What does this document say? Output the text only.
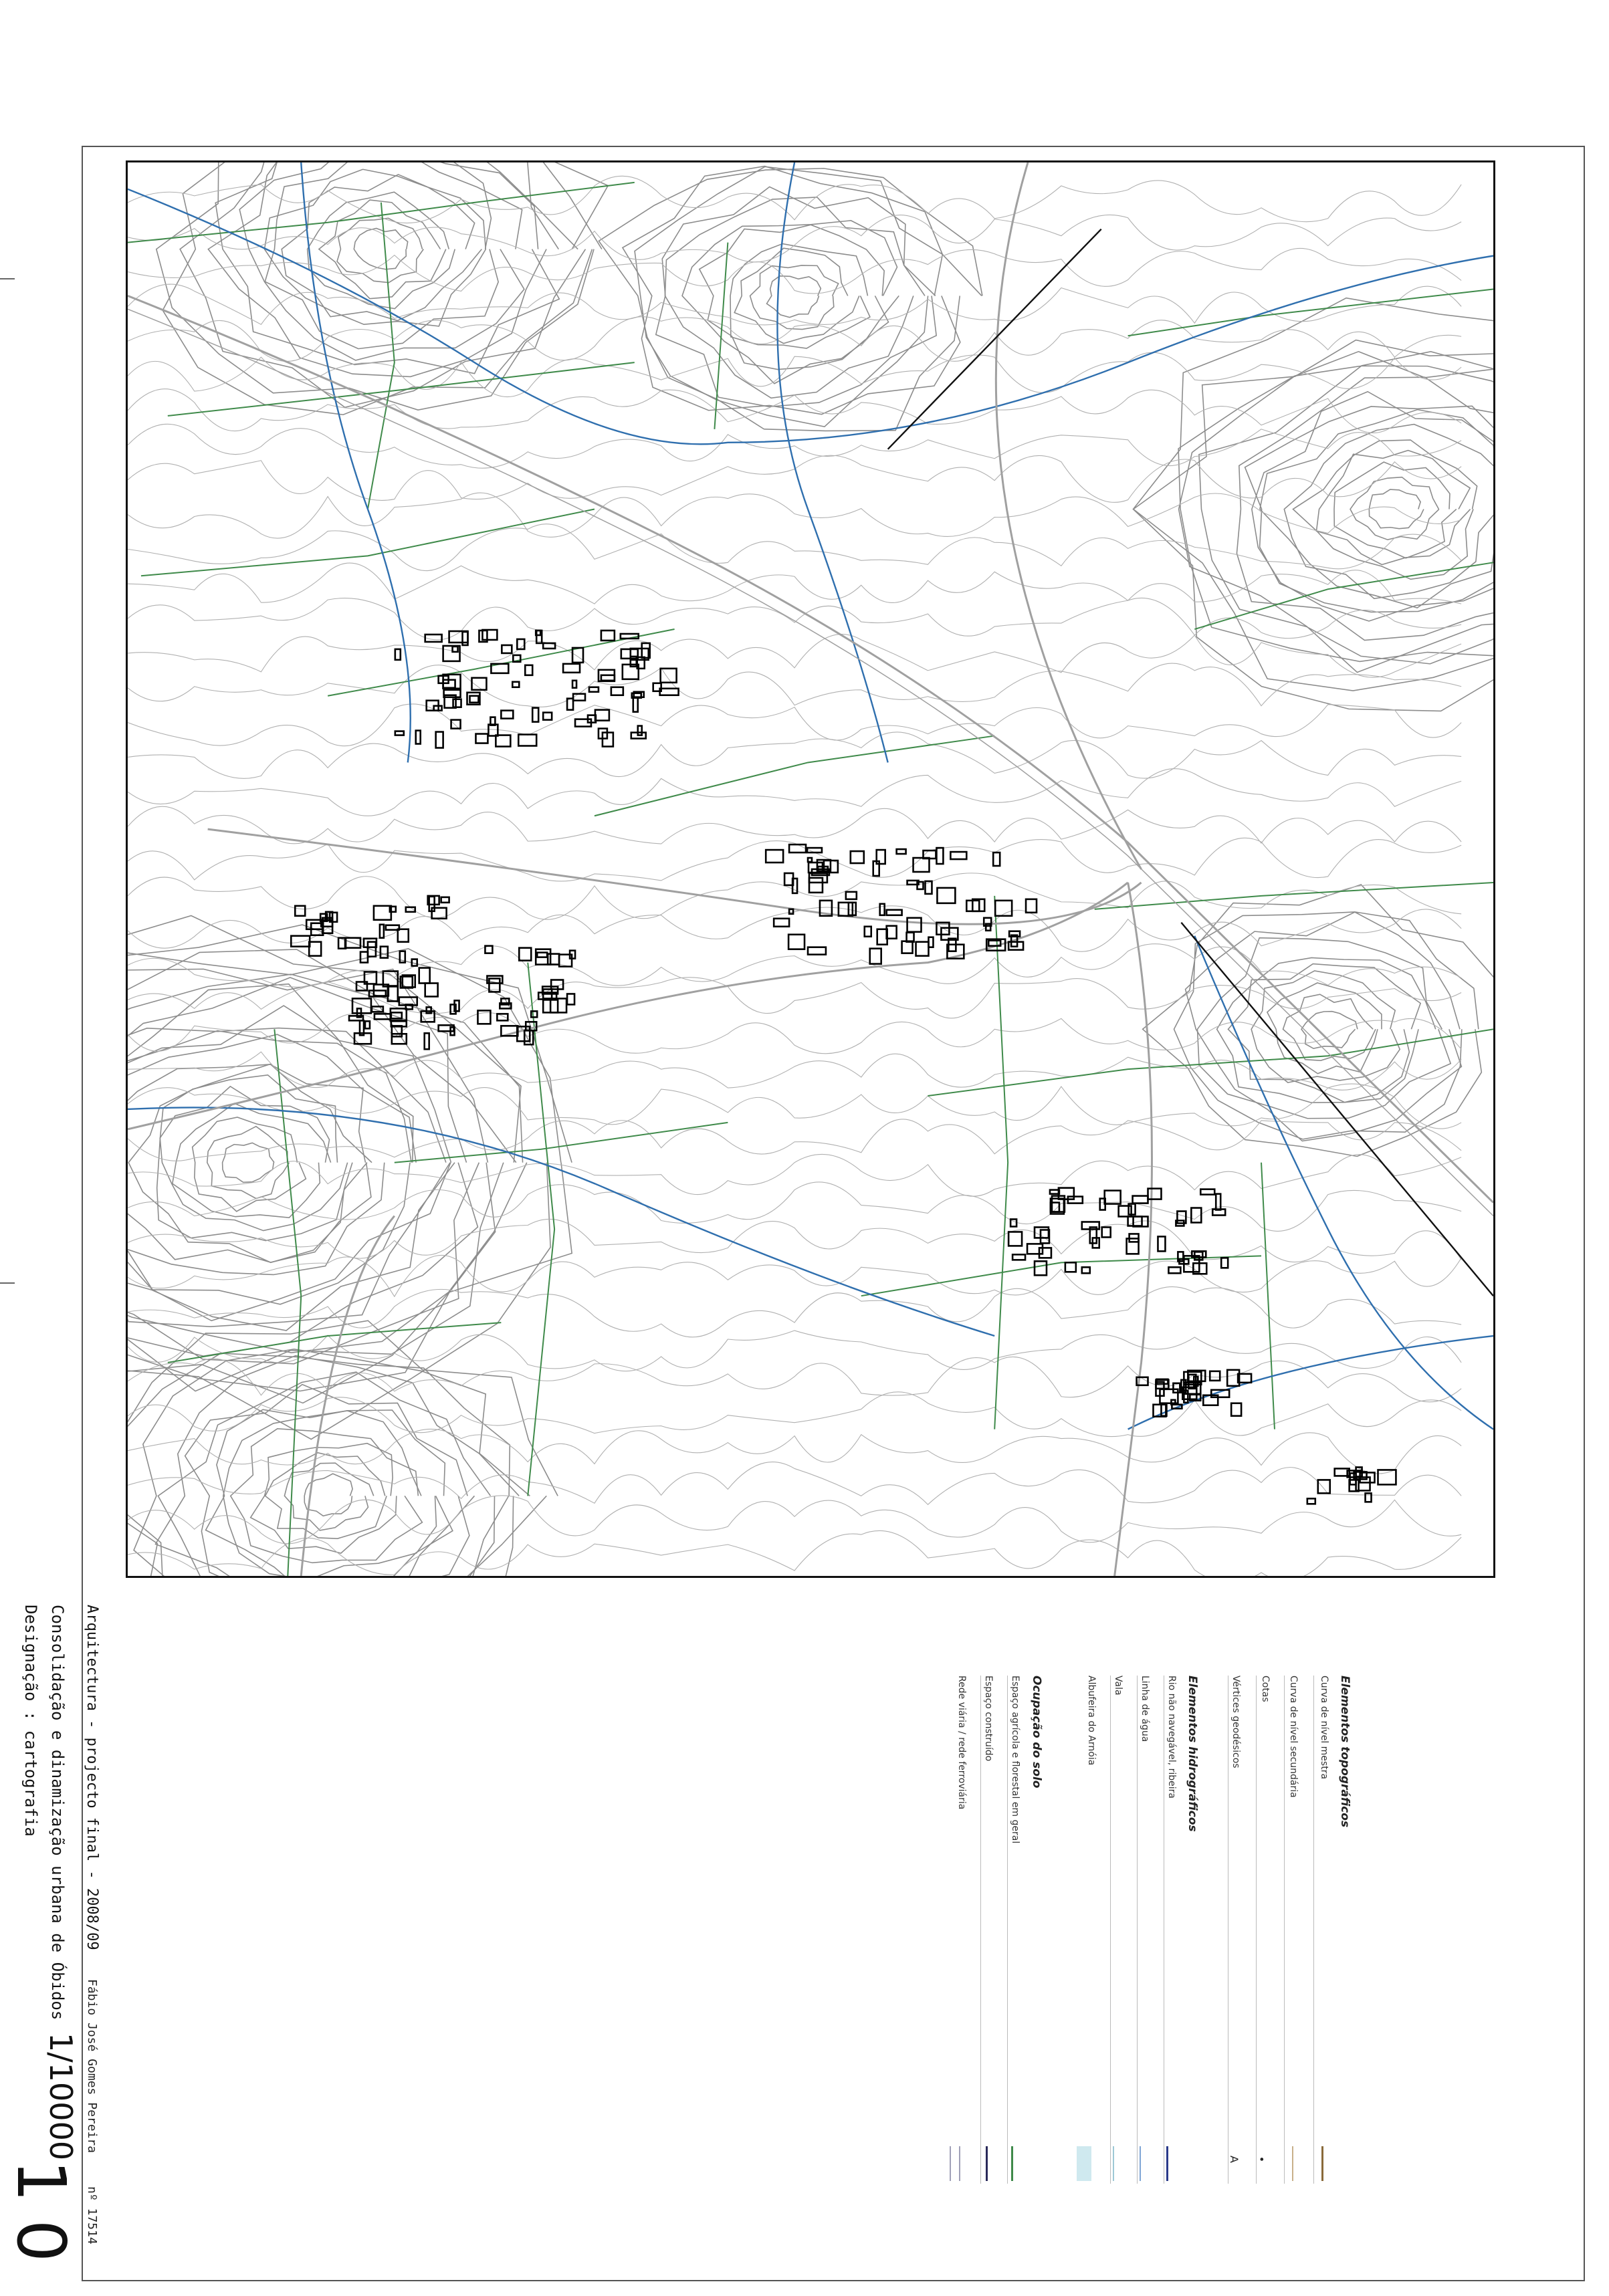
Elementos topográficos
Curva de nível mestra
Curva de nível secundária
Cotas
Vértices geodésicos
Elementos hidrográficos
Rio não navegável, ribeira
Linha de água
Vala
Albufeira do Arnóia
Ocupação do solo
Espaço agrícola e florestal em geral
Espaço construído
Rede viária / rede ferroviária
•
A
Arquitectura - projecto final - 2008/09
Consolidação e dinamização urbana de Óbidos
Designação : cartografia
Fábio José Gomes Pereira
nº 17514
1/10000
10
